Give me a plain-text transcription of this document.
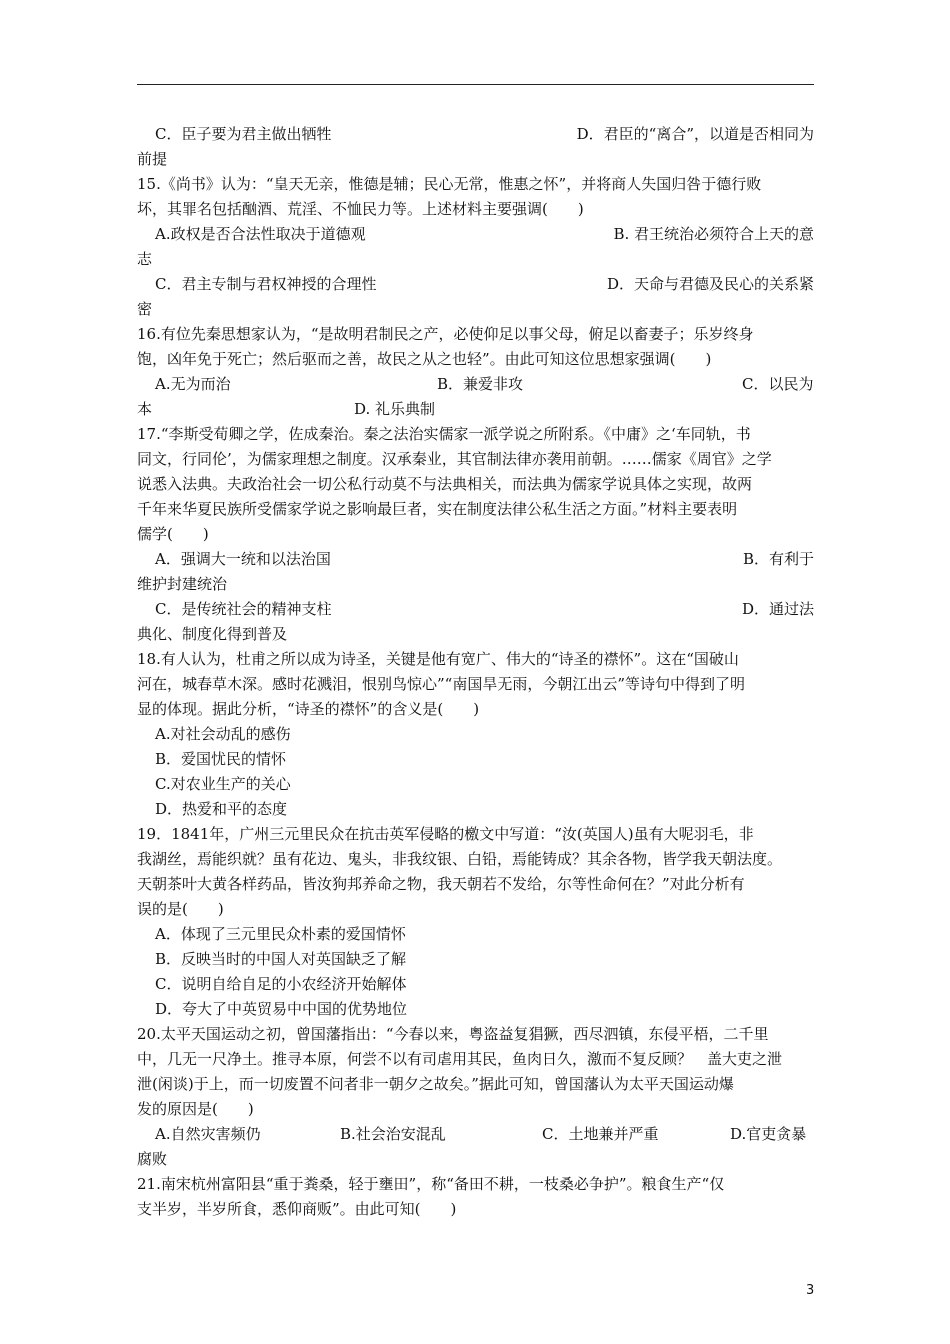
C．臣子要为君主做出牺牲	D．君臣的“离合”，以道是否相同为
前提
15.《尚书》认为：“皇天无亲，惟德是辅；民心无常，惟惠之怀”，并将商人失国归咎于德行败
坏，其罪名包括酗酒、荒淫、不恤民力等。上述材料主要强调(　　)
A.政权是否合法性取决于道德观	B. 君王统治必须符合上天的意
志
C．君主专制与君权神授的合理性	D．天命与君德及民心的关系紧
密
16.有位先秦思想家认为，“是故明君制民之产，必使仰足以事父母，俯足以畜妻子；乐岁终身
饱，凶年免于死亡；然后驱而之善，故民之从之也轻”。由此可知这位思想家强调(　　)
A.无为而治	B．兼爱非攻	C．以民为
本	D. 礼乐典制
17.“李斯受荀卿之学，佐成秦治。秦之法治实儒家一派学说之所附系。《中庸》之‘车同轨，书
同文，行同伦’，为儒家理想之制度。汉承秦业，其官制法律亦袭用前朝。……儒家《周官》之学
说悉入法典。夫政治社会一切公私行动莫不与法典相关，而法典为儒家学说具体之实现，故两
千年来华夏民族所受儒家学说之影响最巨者，实在制度法律公私生活之方面。”材料主要表明
儒学(　　)
A．强调大一统和以法治国	B．有利于
维护封建统治
C．是传统社会的精神支柱	D．通过法
典化、制度化得到普及
18.有人认为，杜甫之所以成为诗圣，关键是他有宽广、伟大的“诗圣的襟怀”。这在“国破山
河在，城春草木深。感时花溅泪，恨别鸟惊心”“南国旱无雨，今朝江出云”等诗句中得到了明
显的体现。据此分析，“诗圣的襟怀”的含义是(　　)
A.对社会动乱的感伤
B．爱国忧民的情怀
C.对农业生产的关心
D．热爱和平的态度
19．1841年，广州三元里民众在抗击英军侵略的檄文中写道：“汝(英国人)虽有大呢羽毛，非
我湖丝，焉能织就？虽有花边、鬼头，非我纹银、白铅，焉能铸成？其余各物，皆学我天朝法度。
天朝茶叶大黄各样药品，皆汝狗邦养命之物，我天朝若不发给，尔等性命何在？”对此分析有
误的是(　　)
A．体现了三元里民众朴素的爱国情怀
B．反映当时的中国人对英国缺乏了解
C．说明自给自足的小农经济开始解体
D．夸大了中英贸易中中国的优势地位
20.太平天国运动之初，曾国藩指出：“今春以来，粤盗益复猖獗，西尽泗镇，东侵平梧，二千里
中，几无一尺净土。推寻本原，何尝不以有司虐用其民，鱼肉日久，激而不复反顾？　盖大吏之泄
泄(闲谈)于上，而一切废置不问者非一朝夕之故矣。”据此可知，曾国藩认为太平天国运动爆
发的原因是(　　)
A.自然灾害频仍	B.社会治安混乱	C．土地兼并严重	D.官吏贪暴
腐败
21.南宋杭州富阳县“重于粪桑，轻于壅田”，称“备田不耕，一枝桑必争护”。粮食生产“仅
支半岁，半岁所食，悉仰商贩”。由此可知(　　)
3
